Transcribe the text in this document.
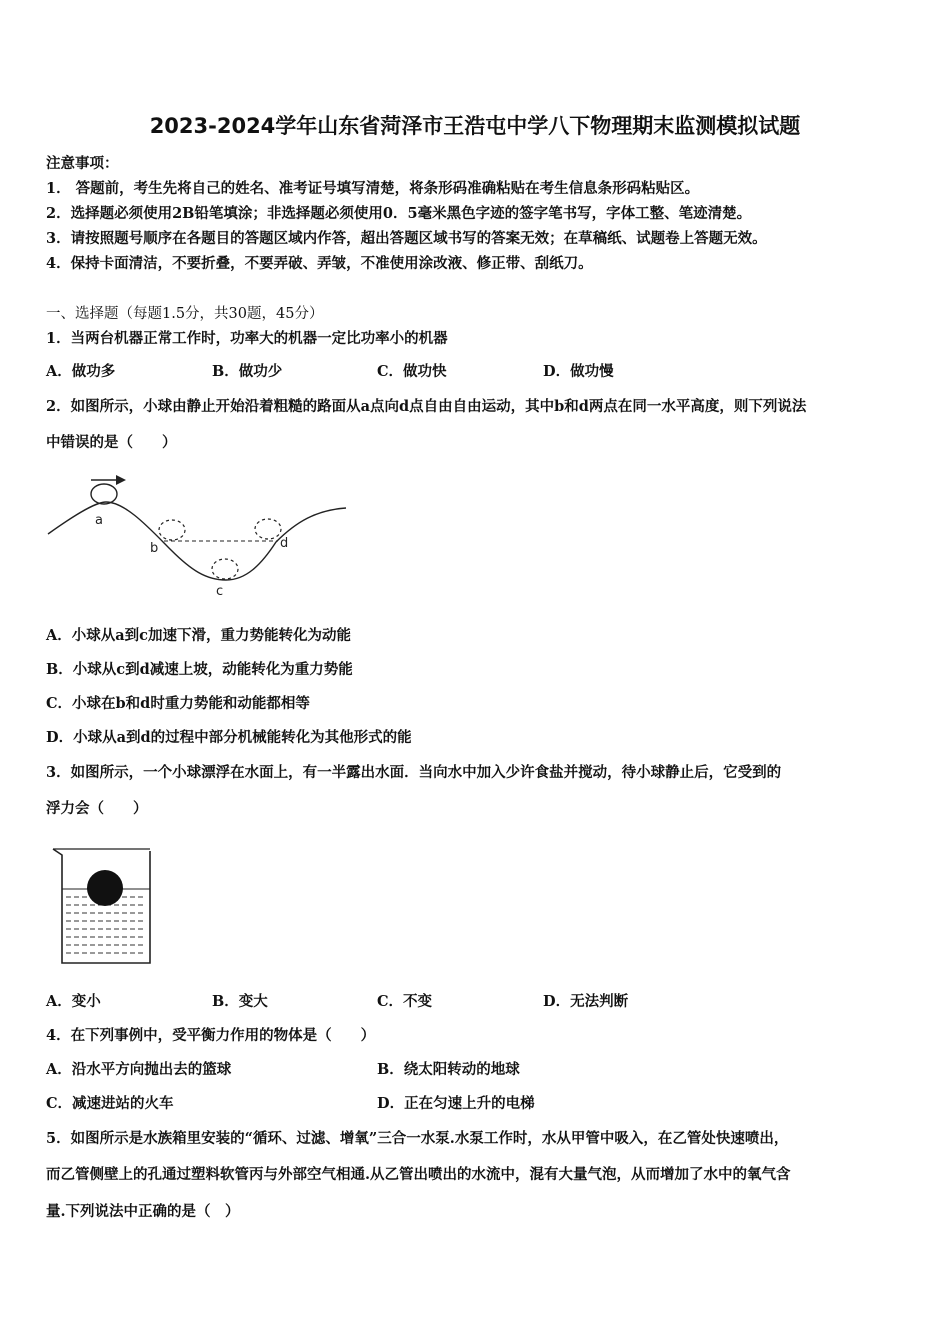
2023-2024学年山东省菏泽市王浩屯中学八下物理期末监测模拟试题
注意事项：
1． 答题前，考生先将自己的姓名、准考证号填写清楚，将条形码准确粘贴在考生信息条形码粘贴区。
2．选择题必须使用2B铅笔填涂；非选择题必须使用0．5毫米黑色字迹的签字笔书写，字体工整、笔迹清楚。
3．请按照题号顺序在各题目的答题区域内作答，超出答题区域书写的答案无效；在草稿纸、试题卷上答题无效。
4．保持卡面清洁，不要折叠，不要弄破、弄皱，不准使用涂改液、修正带、刮纸刀。
一、选择题（每题1.5分，共30题，45分）
1．当两台机器正常工作时，功率大的机器一定比功率小的机器
A．做功多	B．做功少	C．做功快	D．做功慢
2．如图所示，小球由静止开始沿着粗糙的路面从a点向d点自由自由运动，其中b和d两点在同一水平高度，则下列说法
中错误的是（　　）
a
b
c
d
A．小球从a到c加速下滑，重力势能转化为动能
B．小球从c到d减速上坡，动能转化为重力势能
C．小球在b和d时重力势能和动能都相等
D．小球从a到d的过程中部分机械能转化为其他形式的能
3．如图所示，一个小球漂浮在水面上，有一半露出水面．当向水中加入少许食盐并搅动，待小球静止后，它受到的
浮力会（　　）
A．变小	B．变大	C．不变	D．无法判断
4．在下列事例中，受平衡力作用的物体是（　　）
A．沿水平方向抛出去的篮球	B．绕太阳转动的地球
C．减速进站的火车	D．正在匀速上升的电梯
5．如图所示是水族箱里安装的“循环、过滤、增氧”三合一水泵.水泵工作时，水从甲管中吸入，在乙管处快速喷出，
而乙管侧壁上的孔通过塑料软管丙与外部空气相通.从乙管出喷出的水流中，混有大量气泡，从而增加了水中的氧气含
量.下列说法中正确的是（　）
